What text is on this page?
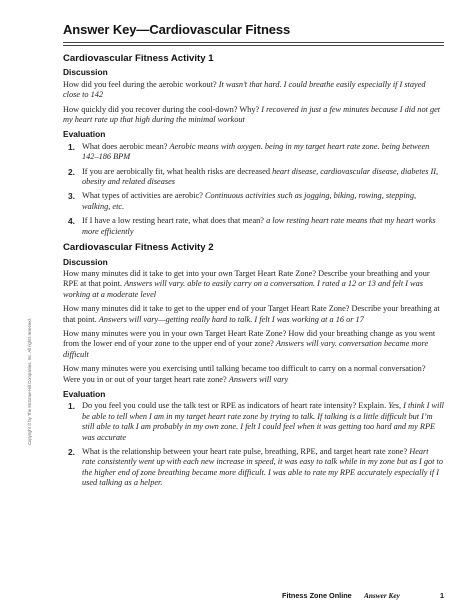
Answer Key—Cardiovascular Fitness
Cardiovascular Fitness Activity 1
Discussion

How did you feel during the aerobic workout? It wasn’t that hard. I could breathe easily especially if I stayed close to 142

How quickly did you recover during the cool-down? Why? I recovered in just a few minutes because I did not get my heart rate up that high during the minimal workout

Evaluation
1. What does aerobic mean? Aerobic means with oxygen. being in my target heart rate zone. being between 142–186 BPM
2. If you are aerobically fit, what health risks are decreased heart disease, cardiovascular disease, diabetes II, obesity and related diseases
3. What types of activities are aerobic? Continuous activities such as jogging, biking, rowing, stepping, walking, etc.
4. If I have a low resting heart rate, what does that mean? a low resting heart rate means that my heart works more efficiently
Cardiovascular Fitness Activity 2
Discussion

How many minutes did it take to get into your own Target Heart Rate Zone? Describe your breathing and your RPE at that point. Answers will vary. able to easily carry on a conversation. I rated a 12 or 13 and felt I was working at a moderate level

How many minutes did it take to get to the upper end of your Target Heart Rate Zone? Describe your breathing at that point. Answers will vary—getting really hard to talk. I felt I was working at a 16 or 17

How many minutes were you in your own Target Heart Rate Zone? How did your breathing change as you went from the lower end of your zone to the upper end of your zone? Answers will vary. conversation became more difficult

How many minutes were you exercising until talking became too difficult to carry on a normal conversation? Were you in or out of your target heart rate zone? Answers will vary

Evaluation
1. Do you feel you could use the talk test or RPE as indicators of heart rate intensity? Explain. Yes, I think I will be able to tell when I am in my target heart rate zone by trying to talk. If talking is a little difficult but I’m still able to talk I am probably in my own zone. I felt I could feel when it was getting too hard and my RPE was accurate
2. What is the relationship between your heart rate pulse, breathing, RPE, and target heart rate zone? Heart rate consistently went up with each new increase in speed, it was easy to talk while in my zone but as I got to the higher end of zone breathing became more difficult. I was able to rate my RPE accurately especially if I used talking as a helper.
Copyright © by The McGraw-Hill Companies, Inc. All rights reserved.
Fitness Zone Online Answer Key	1
